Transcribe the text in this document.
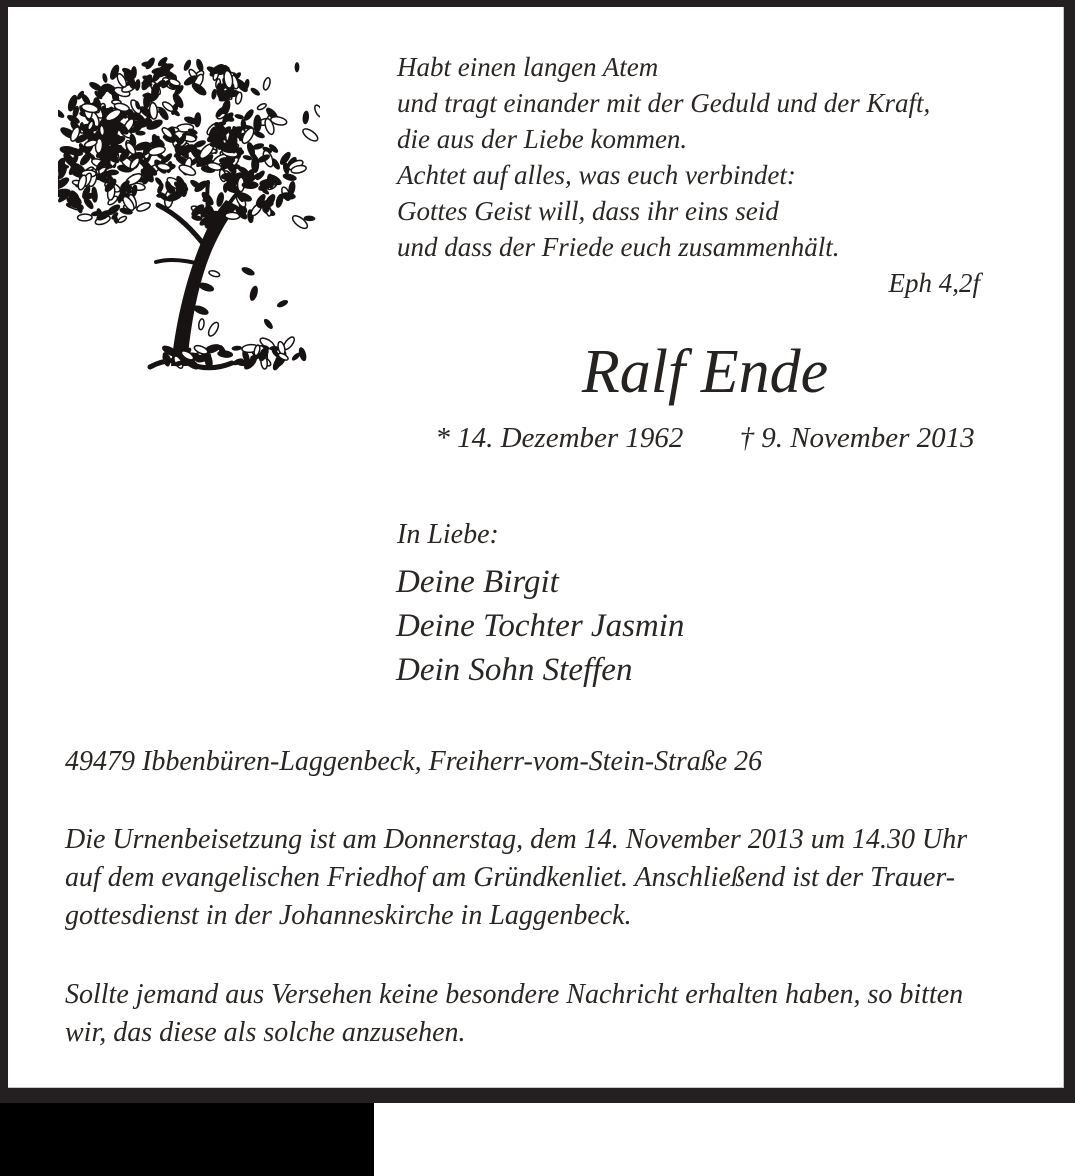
Habt einen langen Atem
und tragt einander mit der Geduld und der Kraft,
die aus der Liebe kommen.
Achtet auf alles, was euch verbindet:
Gottes Geist will, dass ihr eins seid
und dass der Friede euch zusammenhält.
Eph 4,2f
Ralf Ende
* 14. Dezember 1962 † 9. November 2013
In Liebe:
Deine Birgit
Deine Tochter Jasmin
Dein Sohn Steffen
49479 Ibbenbüren-Laggenbeck, Freiherr-vom-Stein-Straße 26
Die Urnenbeisetzung ist am Donnerstag, dem 14. November 2013 um 14.30 Uhr
auf dem evangelischen Friedhof am Gründkenliet. Anschließend ist der Trauer-
gottesdienst in der Johanneskirche in Laggenbeck.
Sollte jemand aus Versehen keine besondere Nachricht erhalten haben, so bitten
wir, das diese als solche anzusehen.
